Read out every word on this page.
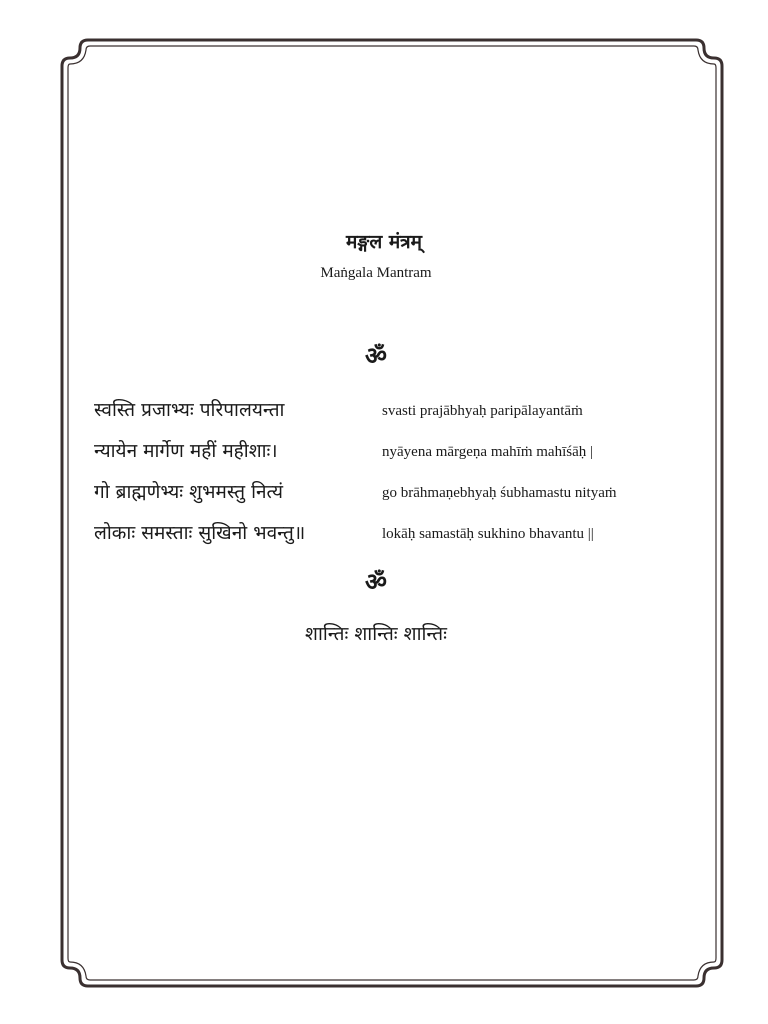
मङ्गल मंत्रम्
Maṅgala Mantram
ॐ
स्वस्ति प्रजाभ्यः परिपालयन्ता	svasti prajābhyaḥ paripālayantāṁ
न्यायेन मार्गेण महीं महीशाः।	nyāyena mārgeṇa mahīṁ mahīśāḥ |
गो ब्राह्मणेभ्यः शुभमस्तु नित्यं	go brāhmaṇebhyaḥ śubhamastu nityaṁ
लोकाः समस्ताः सुखिनो भवन्तु॥	lokāḥ samastāḥ sukhino bhavantu ||
ॐ
शान्तिः शान्तिः शान्तिः
